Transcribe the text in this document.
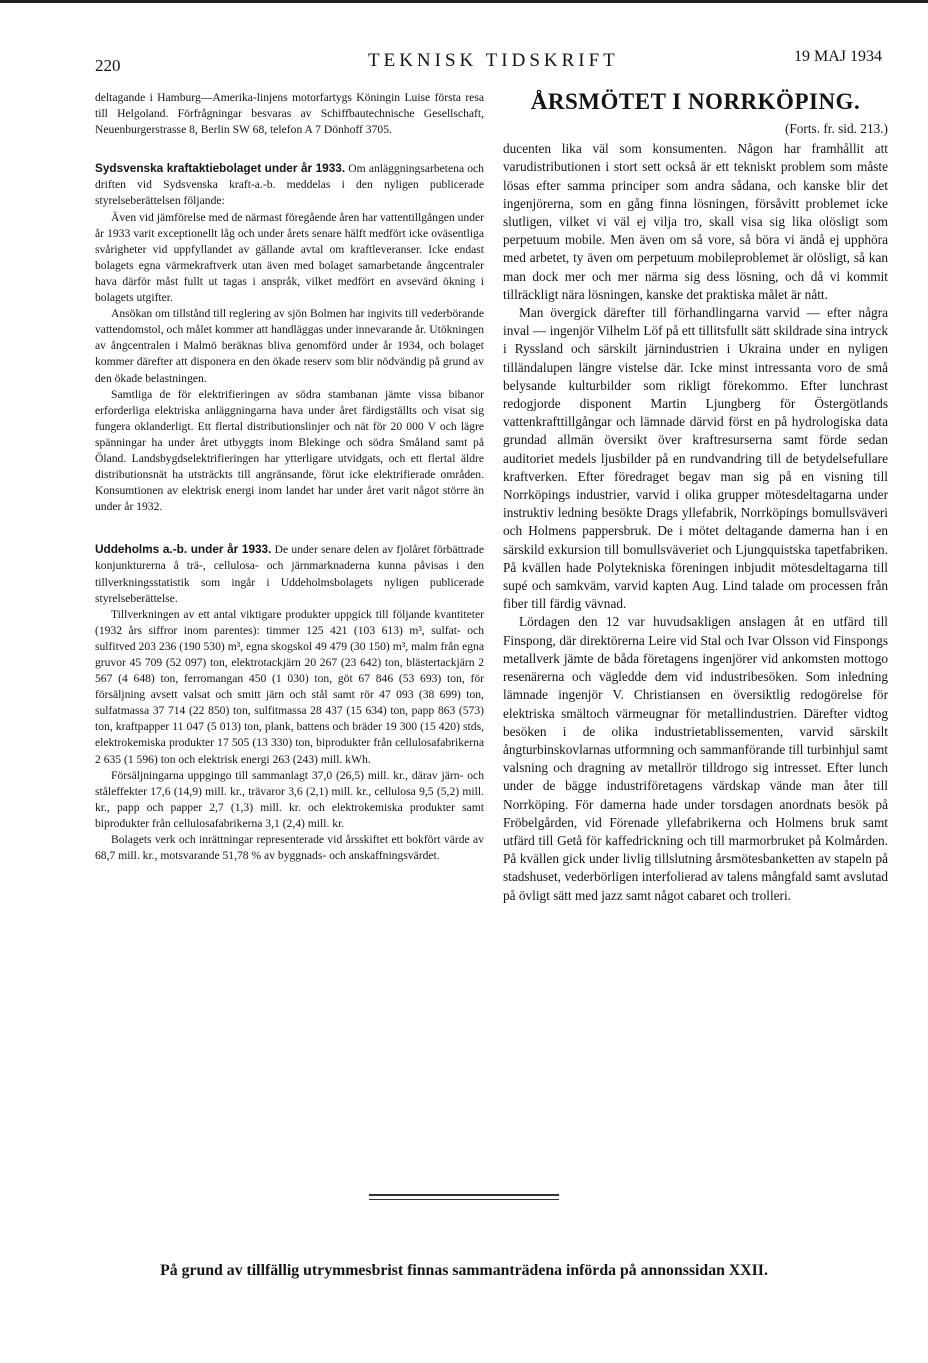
220	TEKNISK TIDSKRIFT	19 MAJ 1934

deltagande i Hamburg—Amerika-linjens motorfartygs Köningin Luise första resa till Helgoland. Förfrågningar besvaras av Schiffbautechnische Gesellschaft, Neuenburgerstrasse 8, Berlin SW 68, telefon A 7 Dönhoff 3705.

Sydsvenska kraftaktiebolaget under år 1933. Om anläggningsarbetena och driften vid Sydsvenska kraft-a.-b. meddelas i den nyligen publicerade styrelseberättelsen följande:

Även vid jämförelse med de närmast föregående åren har vattentillgången under år 1933 varit exceptionellt låg och under årets senare hälft medfört icke oväsentliga svårigheter vid uppfyllandet av gällande avtal om kraftleveranser. Icke endast bolagets egna värmekraftverk utan även med bolaget samarbetande ångcentraler hava därför måst fullt ut tagas i anspråk, vilket medfört en avsevärd ökning i bolagets utgifter.

Ansökan om tillstånd till reglering av sjön Bolmen har ingivits till vederbörande vattendomstol, och målet kommer att handläggas under innevarande år. Utökningen av ångcentralen i Malmö beräknas bliva genomförd under år 1934, och bolaget kommer därefter att disponera en den ökade reserv som blir nödvändig på grund av den ökade belastningen.

Samtliga de för elektrifieringen av södra stambanan jämte vissa bibanor erforderliga elektriska anläggningarna hava under året färdigställts och visat sig fungera oklanderligt. Ett flertal distributionslinjer och nät för 20 000 V och lägre spänningar ha under året utbyggts inom Blekinge och södra Småland samt på Öland. Landsbygdselektrifieringen har ytterligare utvidgats, och ett flertal äldre distributionsnät ha utsträckts till angränsande, förut icke elektrifierade områden. Konsumtionen av elektrisk energi inom landet har under året varit något större än under år 1932.

Uddeholms a.-b. under år 1933. De under senare delen av fjolåret förbättrade konjunkturerna å trä-, cellulosa- och järnmarknaderna kunna påvisas i den tillverkningsstatistik som ingår i Uddeholmsbolagets nyligen publicerade styrelseberättelse.

Tillverkningen av ett antal viktigare produkter uppgick till följande kvantiteter (1932 års siffror inom parentes): timmer 125 421 (103 613) m³, sulfat- och sulfitved 203 236 (190 530) m³, egna skogskol 49 479 (30 150) m³, malm från egna gruvor 45 709 (52 097) ton, elektrotackjärn 20 267 (23 642) ton, blästertackjärn 2 567 (4 648) ton, ferromangan 450 (1 030) ton, göt 67 846 (53 693) ton, för försäljning avsett valsat och smitt järn och stål samt rör 47 093 (38 699) ton, sulfatmassa 37 714 (22 850) ton, sulfitmassa 28 437 (15 634) ton, papp 863 (573) ton, kraftpapper 11 047 (5 013) ton, plank, battens och bräder 19 300 (15 420) stds, elektrokemiska produkter 17 505 (13 330) ton, biprodukter från cellulosafabrikerna 2 635 (1 596) ton och elektrisk energi 263 (243) mill. kWh.

Försäljningarna uppgingo till sammanlagt 37,0 (26,5) mill. kr., därav järn- och ståleffekter 17,6 (14,9) mill. kr., trävaror 3,6 (2,1) mill. kr., cellulosa 9,5 (5,2) mill. kr., papp och papper 2,7 (1,3) mill. kr. och elektrokemiska produkter samt biprodukter från cellulosafabrikerna 3,1 (2,4) mill. kr.

Bolagets verk och inrättningar representerade vid årsskiftet ett bokfört värde av 68,7 mill. kr., motsvarande 51,78 % av byggnads- och anskaffningsvärdet.

ÅRSMÖTET I NORRKÖPING.
(Forts. fr. sid. 213.)

ducenten lika väl som konsumenten. Någon har framhållit att varudistributionen i stort sett också är ett tekniskt problem som måste lösas efter samma principer som andra sådana, och kanske blir det ingenjörerna, som en gång finna lösningen, försåvitt problemet icke slutligen, vilket vi väl ej vilja tro, skall visa sig lika olösligt som perpetuum mobile. Men även om så vore, så böra vi ändå ej upphöra med arbetet, ty även om perpetuum mobileproblemet är olösligt, så kan man dock mer och mer närma sig dess lösning, och då vi kommit tillräckligt nära lösningen, kanske det praktiska målet är nått.

Man övergick därefter till förhandlingarna varvid — efter några inval — ingenjör Vilhelm Löf på ett tillitsfullt sätt skildrade sina intryck i Ryssland och särskilt järnindustrien i Ukraina under en nyligen tilländalupen längre vistelse där. Icke minst intressanta voro de små belysande kulturbilder som rikligt förekommo. Efter lunchrast redogjorde disponent Martin Ljungberg för Östergötlands vattenkrafttillgångar och lämnade därvid först en på hydrologiska data grundad allmän översikt över kraftresurserna samt förde sedan auditoriet medels ljusbilder på en rundvandring till de betydelsefullare kraftverken. Efter föredraget begav man sig på en visning till Norrköpings industrier, varvid i olika grupper mötesdeltagarna under instruktiv ledning besökte Drags yllefabrik, Norrköpings bomullsväveri och Holmens pappersbruk. De i mötet deltagande damerna han i en särskild exkursion till bomullsväveriet och Ljungquistska tapetfabriken. På kvällen hade Polytekniska föreningen inbjudit mötesdeltagarna till supé och samkväm, varvid kapten Aug. Lind talade om processen från fiber till färdig vävnad.

Lördagen den 12 var huvudsakligen anslagen åt en utfärd till Finspong, där direktörerna Leire vid Stal och Ivar Olsson vid Finspongs metallverk jämte de båda företagens ingenjörer vid ankomsten mottogo resenärerna och vägledde dem vid industribesöken. Som inledning lämnade ingenjör V. Christiansen en översiktlig redogörelse för elektriska smältoch värmeugnar för metallindustrien. Därefter vidtog besöken i de olika industrietablissementen, varvid särskilt ångturbinskovlarnas utformning och sammanförande till turbinhjul samt valsning och dragning av metallrör tilldrogo sig intresset. Efter lunch under de bägge industriföretagens värdskap vände man åter till Norrköping. För damerna hade under torsdagen anordnats besök på Fröbelgården, vid Förenade yllefabrikerna och Holmens bruk samt utfärd till Getå för kaffedrickning och till marmorbruket på Kolmården. På kvällen gick under livlig tillslutning årsmötesbanketten av stapeln på stadshuset, vederbörligen interfolierad av talens mångfald samt avslutad på övligt sätt med jazz samt något cabaret och trolleri.

På grund av tillfällig utrymmesbrist finnas sammanträdena införda på annonssidan XXII.
